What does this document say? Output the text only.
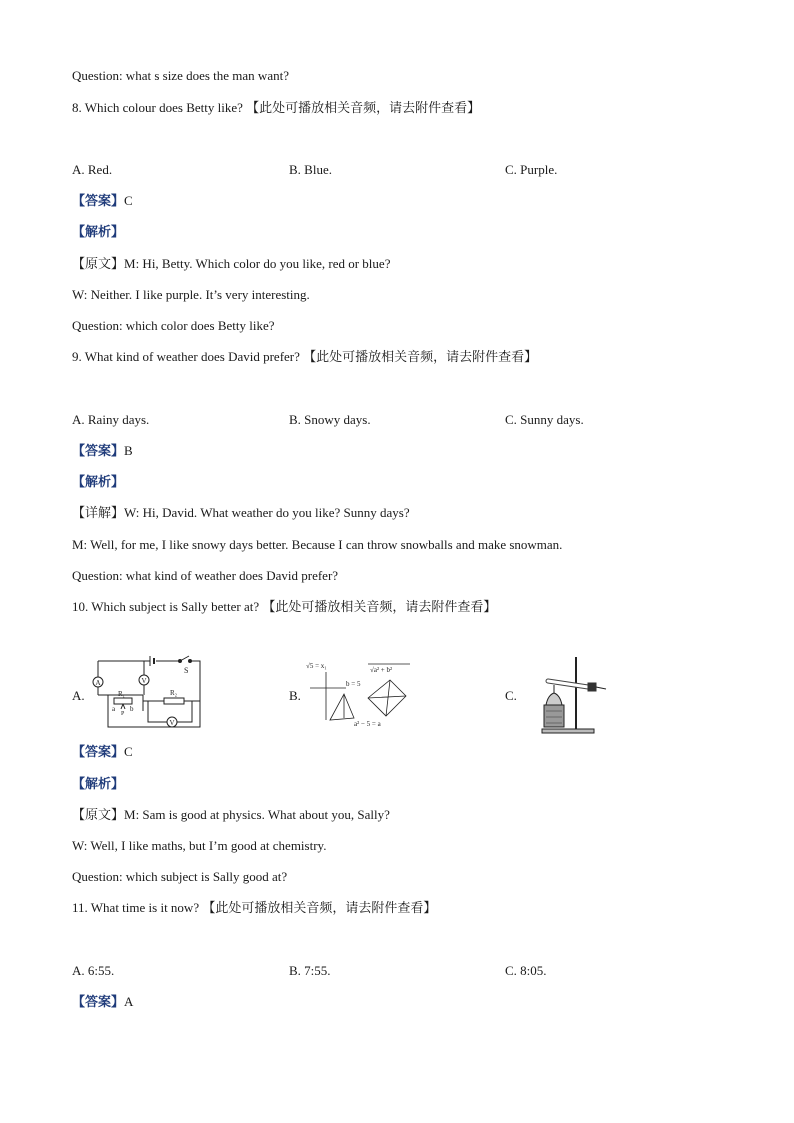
Question: what s size does the man want?
8. Which colour does Betty like? 【此处可播放相关音频，请去附件查看】
A. Red.	B. Blue.	C. Purple.
【答案】C
【解析】
【原文】M: Hi, Betty. Which color do you like, red or blue?
W: Neither. I like purple. It’s very interesting.
Question: which color does Betty like?
9. What kind of weather does David prefer? 【此处可播放相关音频，请去附件查看】
A. Rainy days.	B. Snowy days.	C. Sunny days.
【答案】B
【解析】
【详解】W: Hi, David. What weather do you like? Sunny days?
M: Well, for me, I like snowy days better. Because I can throw snowballs and make snowman.
Question: what kind of weather does David prefer?
10. Which subject is Sally better at? 【此处可播放相关音频，请去附件查看】
A.	B.	C.
S
A	V
R₁
a
P
b
R₂
V
√5 = x₁	√a² + b²
b = 5
a² − 5 = a
【答案】C
【解析】
【原文】M: Sam is good at physics. What about you, Sally?
W: Well, I like maths, but I’m good at chemistry.
Question: which subject is Sally good at?
11. What time is it now? 【此处可播放相关音频，请去附件查看】
A. 6:55.	B. 7:55.	C. 8:05.
【答案】A
